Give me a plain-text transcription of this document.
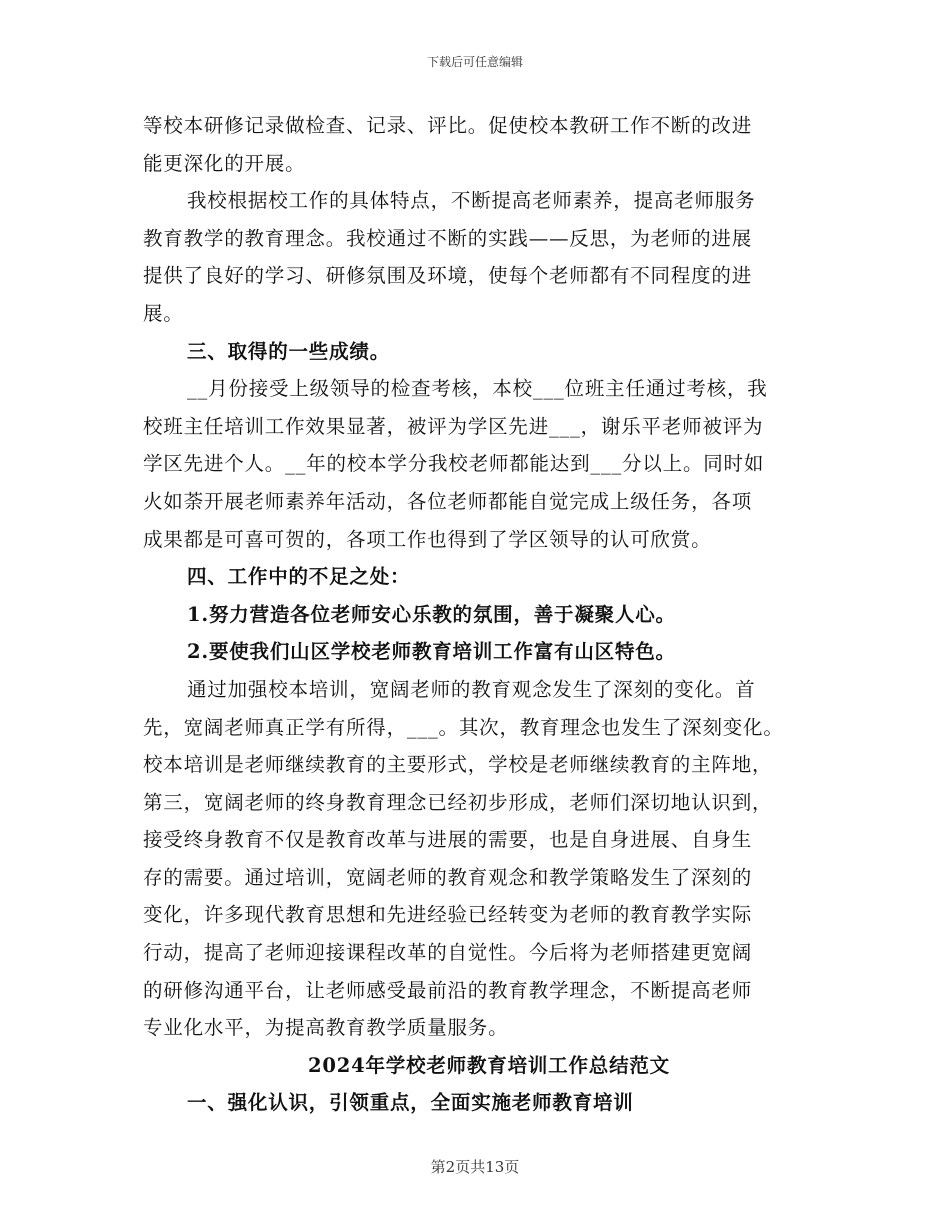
下载后可任意编辑
等校本研修记录做检查、记录、评比。促使校本教研工作不断的改进
能更深化的开展。
我校根据校工作的具体特点，不断提高老师素养，提高老师服务
教育教学的教育理念。我校通过不断的实践——反思，为老师的进展
提供了良好的学习、研修氛围及环境，使每个老师都有不同程度的进
展。
三、取得的一些成绩。
__月份接受上级领导的检查考核，本校___位班主任通过考核，我
校班主任培训工作效果显著，被评为学区先进___，谢乐平老师被评为
学区先进个人。__年的校本学分我校老师都能达到___分以上。同时如
火如荼开展老师素养年活动，各位老师都能自觉完成上级任务，各项
成果都是可喜可贺的，各项工作也得到了学区领导的认可欣赏。
四、工作中的不足之处：
1.努力营造各位老师安心乐教的氛围，善于凝聚人心。
2.要使我们山区学校老师教育培训工作富有山区特色。
通过加强校本培训，宽阔老师的教育观念发生了深刻的变化。首
先，宽阔老师真正学有所得，___。其次，教育理念也发生了深刻变化。
校本培训是老师继续教育的主要形式，学校是老师继续教育的主阵地，
第三，宽阔老师的终身教育理念已经初步形成，老师们深切地认识到，
接受终身教育不仅是教育改革与进展的需要，也是自身进展、自身生
存的需要。通过培训，宽阔老师的教育观念和教学策略发生了深刻的
变化，许多现代教育思想和先进经验已经转变为老师的教育教学实际
行动，提高了老师迎接课程改革的自觉性。今后将为老师搭建更宽阔
的研修沟通平台，让老师感受最前沿的教育教学理念，不断提高老师
专业化水平，为提高教育教学质量服务。
2024年学校老师教育培训工作总结范文
一、强化认识，引领重点，全面实施老师教育培训
第2页共13页
